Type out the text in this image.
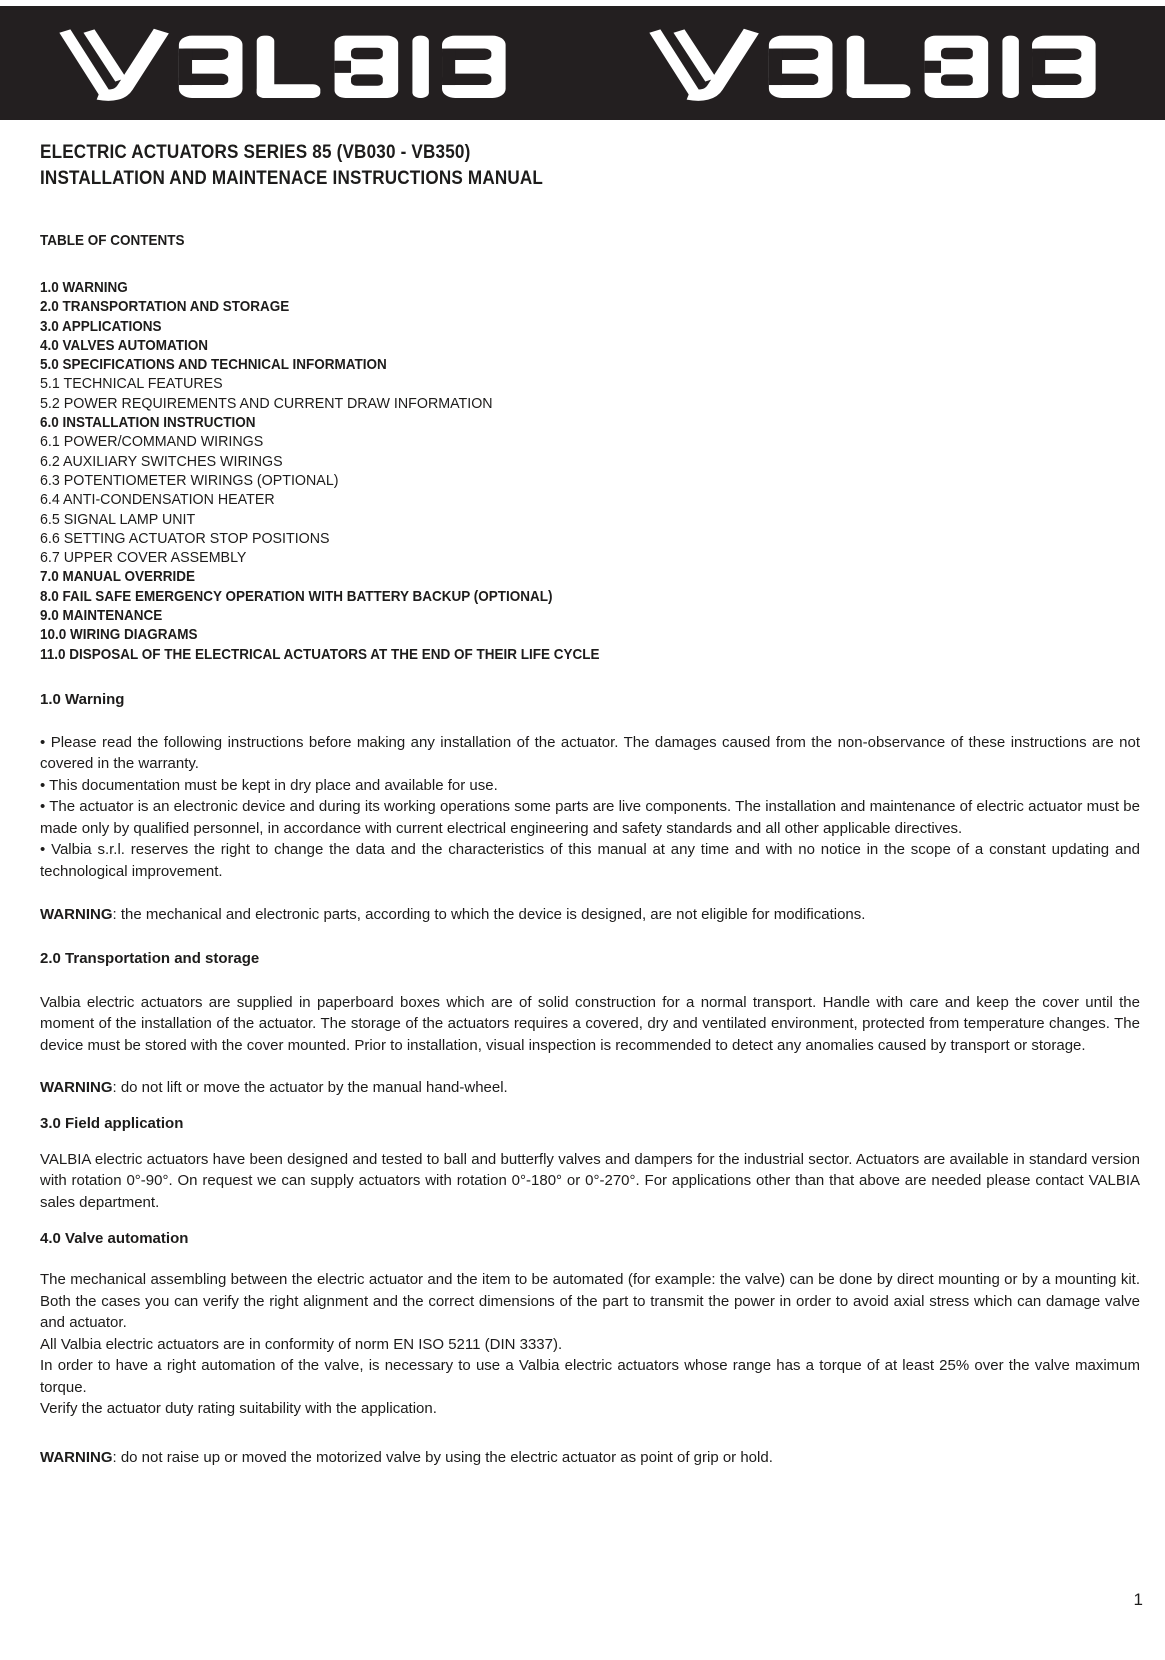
ELECTRIC ACTUATORS SERIES 85 (VB030 - VB350)
INSTALLATION AND MAINTENACE INSTRUCTIONS MANUAL
TABLE OF CONTENTS
1.0 WARNING
2.0 TRANSPORTATION AND STORAGE
3.0 APPLICATIONS
4.0 VALVES AUTOMATION
5.0 SPECIFICATIONS AND TECHNICAL INFORMATION
5.1 TECHNICAL FEATURES
5.2 POWER REQUIREMENTS AND CURRENT DRAW INFORMATION
6.0 INSTALLATION INSTRUCTION
6.1 POWER/COMMAND WIRINGS
6.2 AUXILIARY SWITCHES WIRINGS
6.3 POTENTIOMETER WIRINGS (OPTIONAL)
6.4 ANTI-CONDENSATION HEATER
6.5 SIGNAL LAMP UNIT
6.6 SETTING ACTUATOR STOP POSITIONS
6.7 UPPER COVER ASSEMBLY
7.0 MANUAL OVERRIDE
8.0 FAIL SAFE EMERGENCY OPERATION WITH BATTERY BACKUP (OPTIONAL)
9.0 MAINTENANCE
10.0 WIRING DIAGRAMS
11.0 DISPOSAL OF THE ELECTRICAL ACTUATORS AT THE END OF THEIR LIFE CYCLE
1.0 Warning

• Please read the following instructions before making any installation of the actuator. The damages caused from the non-observance of these instructions are not covered in the warranty.

• This documentation must be kept in dry place and available for use.

• The actuator is an electronic device and during its working operations some parts are live components. The installation and maintenance of electric actuator must be made only by qualified personnel, in accordance with current electrical engineering and safety standards and all other applicable directives.

• Valbia s.r.l. reserves the right to change the data and the characteristics of this manual at any time and with no notice in the scope of a constant updating and technological improvement.

WARNING: the mechanical and electronic parts, according to which the device is designed, are not eligible for modifications.

2.0 Transportation and storage

Valbia electric actuators are supplied in paperboard boxes which are of solid construction for a normal transport. Handle with care and keep the cover until the moment of the installation of the actuator. The storage of the actuators requires a covered, dry and ventilated environment, protected from temperature changes. The device must be stored with the cover mounted. Prior to installation, visual inspection is recommended to detect any anomalies caused by transport or storage.

WARNING: do not lift or move the actuator by the manual hand-wheel.

3.0 Field application

VALBIA electric actuators have been designed and tested to ball and butterfly valves and dampers for the industrial sector. Actuators are available in standard version with rotation 0°-90°. On request we can supply actuators with rotation 0°-180° or 0°-270°. For applications other than that above are needed please contact VALBIA sales department.

4.0 Valve automation

The mechanical assembling between the electric actuator and the item to be automated (for example: the valve) can be done by direct mounting or by a mounting kit. Both the cases you can verify the right alignment and the correct dimensions of the part to transmit the power in order to avoid axial stress which can damage valve and actuator.

All Valbia electric actuators are in conformity of norm EN ISO 5211 (DIN 3337).

In order to have a right automation of the valve, is necessary to use a Valbia electric actuators whose range has a torque of at least 25% over the valve maximum torque.

Verify the actuator duty rating suitability with the application.

WARNING: do not raise up or moved the motorized valve by using the electric actuator as point of grip or hold.

1
